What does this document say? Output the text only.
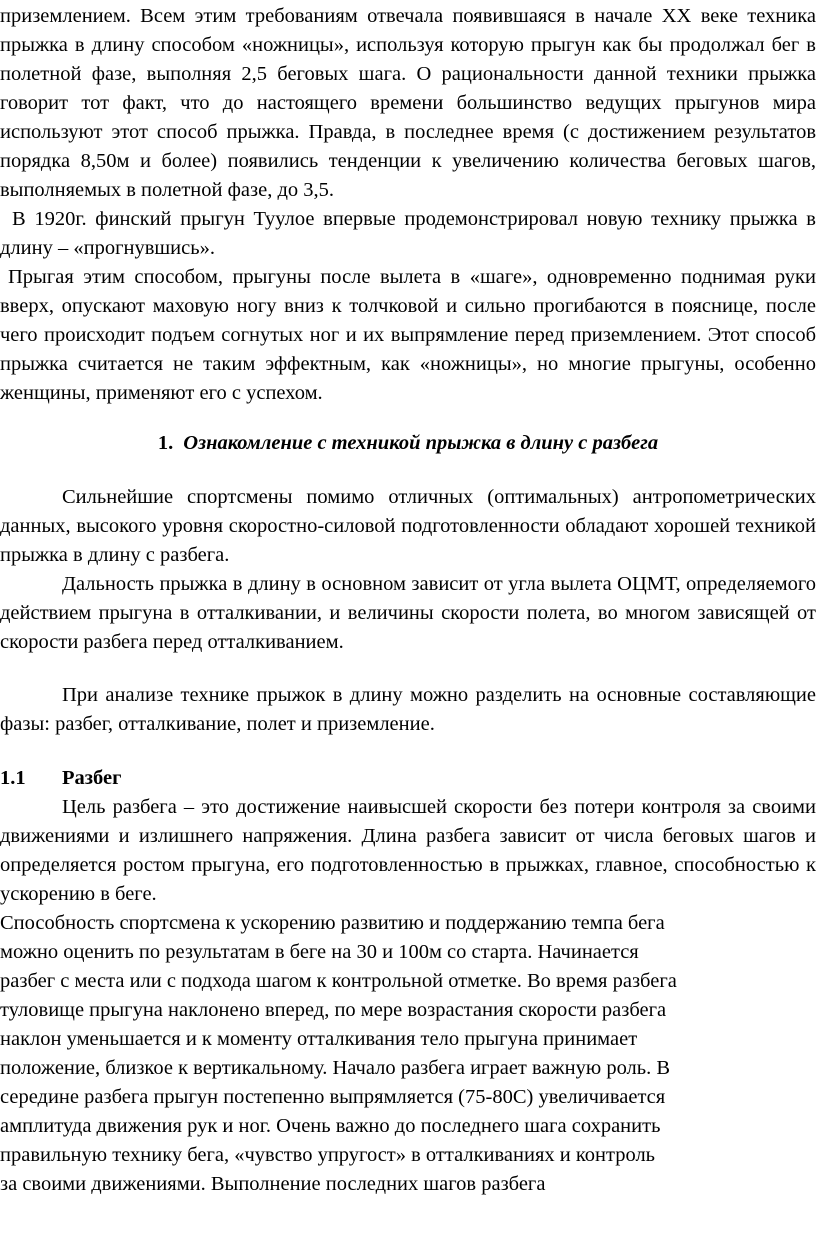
приземлением. Всем этим требованиям отвечала появившаяся в начале XX веке техника прыжка в длину способом «ножницы», используя которую прыгун как бы продолжал бег в полетной фазе, выполняя 2,5 беговых шага. О рациональности данной техники прыжка говорит тот факт, что до настоящего времени большинство ведущих прыгунов мира используют этот способ прыжка. Правда, в последнее время (с достижением результатов порядка 8,50м и более) появились тенденции к увеличению количества беговых шагов, выполняемых в полетной фазе, до 3,5.

В 1920г. финский прыгун Туулое впервые продемонстрировал новую технику прыжка в длину – «прогнувшись».

Прыгая этим способом, прыгуны после вылета в «шаге», одновременно поднимая руки вверх, опускают маховую ногу вниз к толчковой и сильно прогибаются в пояснице, после чего происходит подъем согнутых ног и их выпрямление перед приземлением. Этот способ прыжка считается не таким эффектным, как «ножницы», но многие прыгуны, особенно женщины, применяют его с успехом.

1. Ознакомление с техникой прыжка в длину с разбега

Сильнейшие спортсмены помимо отличных (оптимальных) антропометрических данных, высокого уровня скоростно-силовой подготовленности обладают хорошей техникой прыжка в длину с разбега.

Дальность прыжка в длину в основном зависит от угла вылета ОЦМТ, определяемого действием прыгуна в отталкивании, и величины скорости полета, во многом зависящей от скорости разбега перед отталкиванием.

При анализе технике прыжок в длину можно разделить на основные составляющие фазы: разбег, отталкивание, полет и приземление.

1.1 Разбег

Цель разбега – это достижение наивысшей скорости без потери контроля за своими движениями и излишнего напряжения. Длина разбега зависит от числа беговых шагов и определяется ростом прыгуна, его подготовленностью в прыжках, главное, способностью к ускорению в беге.

Способность спортсмена к ускорению развитию и поддержанию темпа бега

можно оценить по результатам в беге на 30 и 100м со старта. Начинается

разбег с места или с подхода шагом к контрольной отметке. Во время разбега

туловище прыгуна наклонено вперед, по мере возрастания скорости разбега

наклон уменьшается и к моменту отталкивания тело прыгуна принимает

положение, близкое к вертикальному. Начало разбега играет важную роль. В

середине разбега прыгун постепенно выпрямляется (75-80С) увеличивается

амплитуда движения рук и ног. Очень важно до последнего шага сохранить

правильную технику бега, «чувство упругост» в отталкиваниях и контроль

за своими движениями. Выполнение последних шагов разбега
